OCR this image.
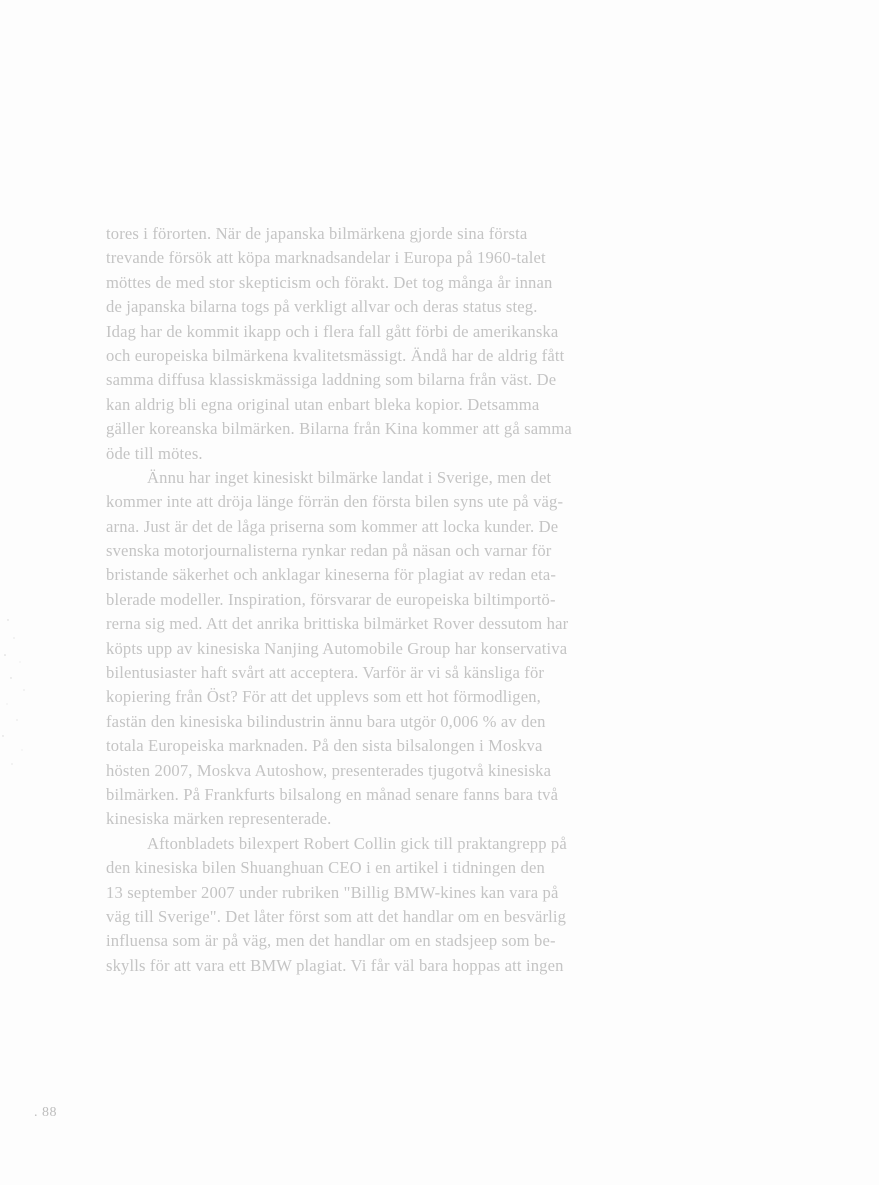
tores i förorten. När de japanska bilmärkena gjorde sina första
trevande försök att köpa marknadsandelar i Europa på 1960-talet
möttes de med stor skepticism och förakt. Det tog många år innan
de japanska bilarna togs på verkligt allvar och deras status steg.
Idag har de kommit ikapp och i flera fall gått förbi de amerikanska
och europeiska bilmärkena kvalitetsmässigt. Ändå har de aldrig fått
samma diffusa klassiskmässiga laddning som bilarna från väst. De
kan aldrig bli egna original utan enbart bleka kopior. Detsamma
gäller koreanska bilmärken. Bilarna från Kina kommer att gå samma
öde till mötes.
Ännu har inget kinesiskt bilmärke landat i Sverige, men det
kommer inte att dröja länge förrän den första bilen syns ute på väg-
arna. Just är det de låga priserna som kommer att locka kunder. De
svenska motorjournalisterna rynkar redan på näsan och varnar för
bristande säkerhet och anklagar kineserna för plagiat av redan eta-
blerade modeller. Inspiration, försvarar de europeiska biltimportö-
rerna sig med. Att det anrika brittiska bilmärket Rover dessutom har
köpts upp av kinesiska Nanjing Automobile Group har konservativa
bilentusiaster haft svårt att acceptera. Varför är vi så känsliga för
kopiering från Öst? För att det upplevs som ett hot förmodligen,
fastän den kinesiska bilindustrin ännu bara utgör 0,006 % av den
totala Europeiska marknaden. På den sista bilsalongen i Moskva
hösten 2007, Moskva Autoshow, presenterades tjugotvå kinesiska
bilmärken. På Frankfurts bilsalong en månad senare fanns bara två
kinesiska märken representerade.
Aftonbladets bilexpert Robert Collin gick till praktangrepp på
den kinesiska bilen Shuanghuan CEO i en artikel i tidningen den
13 september 2007 under rubriken "Billig BMW-kines kan vara på
väg till Sverige". Det låter först som att det handlar om en besvärlig
influensa som är på väg, men det handlar om en stadsjeep som be-
skylls för att vara ett BMW plagiat. Vi får väl bara hoppas att ingen
. 88
